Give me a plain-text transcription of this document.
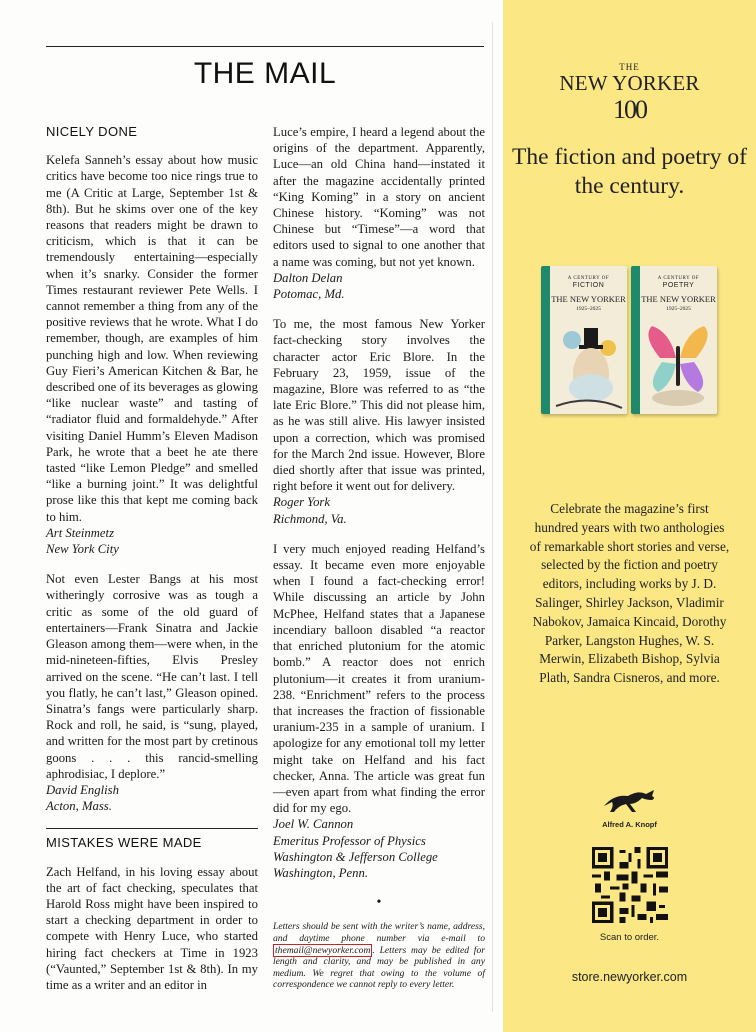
THE MAIL
NICELY DONE

Kelefa Sanneh’s essay about how music critics have become too nice rings true to me (A Critic at Large, September 1st & 8th). But he skims over one of the key reasons that readers might be drawn to criticism, which is that it can be tremendously entertaining—especially when it’s snarky. Consider the former Times restaurant reviewer Pete Wells. I cannot remember a thing from any of the positive reviews that he wrote. What I do remember, though, are examples of him punching high and low. When reviewing Guy Fieri’s American Kitchen & Bar, he described one of its beverages as glowing “like nuclear waste” and tasting of “radiator fluid and formaldehyde.” After visiting Daniel Humm’s Eleven Madison Park, he wrote that a beet he ate there tasted “like Lemon Pledge” and smelled “like a burning joint.” It was delightful prose like this that kept me coming back to him.

Art Steinmetz
New York City

Not even Lester Bangs at his most witheringly corrosive was as tough a critic as some of the old guard of entertainers—Frank Sinatra and Jackie Gleason among them—were when, in the mid-nineteen-fifties, Elvis Presley arrived on the scene. “He can’t last. I tell you flatly, he can’t last,” Gleason opined. Sinatra’s fangs were particularly sharp. Rock and roll, he said, is “sung, played, and written for the most part by cretinous goons . . . this rancid-smelling aphrodisiac, I deplore.”

David English
Acton, Mass.
MISTAKES WERE MADE

Zach Helfand, in his loving essay about the art of fact checking, speculates that Harold Ross might have been inspired to start a checking department in order to compete with Henry Luce, who started hiring fact checkers at Time in 1923 (“Vaunted,” September 1st & 8th). In my time as a writer and an editor in

Luce’s empire, I heard a legend about the origins of the department. Apparently, Luce—an old China hand—instated it after the magazine accidentally printed “King Koming” in a story on ancient Chinese history. “Koming” was not Chinese but “Timese”—a word that editors used to signal to one another that a name was coming, but not yet known.

Dalton Delan
Potomac, Md.

To me, the most famous New Yorker fact-checking story involves the character actor Eric Blore. In the February 23, 1959, issue of the magazine, Blore was referred to as “the late Eric Blore.” This did not please him, as he was still alive. His lawyer insisted upon a correction, which was promised for the March 2nd issue. However, Blore died shortly after that issue was printed, right before it went out for delivery.

Roger York
Richmond, Va.

I very much enjoyed reading Helfand’s essay. It became even more enjoyable when I found a fact-checking error! While discussing an article by John McPhee, Helfand states that a Japanese incendiary balloon disabled “a reactor that enriched plutonium for the atomic bomb.” A reactor does not enrich plutonium—it creates it from uranium-238. “Enrichment” refers to the process that increases the fraction of fissionable uranium-235 in a sample of uranium. I apologize for any emotional toll my letter might take on Helfand and his fact checker, Anna. The article was great fun—even apart from what finding the error did for my ego.

Joel W. Cannon
Emeritus Professor of Physics
Washington & Jefferson College
Washington, Penn.
•
Letters should be sent with the writer’s name, address, and daytime phone number via e-mail to themail@newyorker.com . Letters may be edited for length and clarity, and may be published in any medium. We regret that owing to the volume of correspondence we cannot reply to every letter.
THE
NEW YORKER
100
The fiction and poetry of the century.
A CENTURY OF
FICTION
THE NEW YORKER
1925–2025
A CENTURY OF
POETRY
THE NEW YORKER
1925–2025
Celebrate the magazine’s first hundred years with two anthologies of remarkable short stories and verse, selected by the fiction and poetry editors, including works by J. D. Salinger, Shirley Jackson, Vladimir Nabokov, Jamaica Kincaid, Dorothy Parker, Langston Hughes, W. S. Merwin, Elizabeth Bishop, Sylvia Plath, Sandra Cisneros, and more.
Alfred A. Knopf
Scan to order.
store.newyorker.com
